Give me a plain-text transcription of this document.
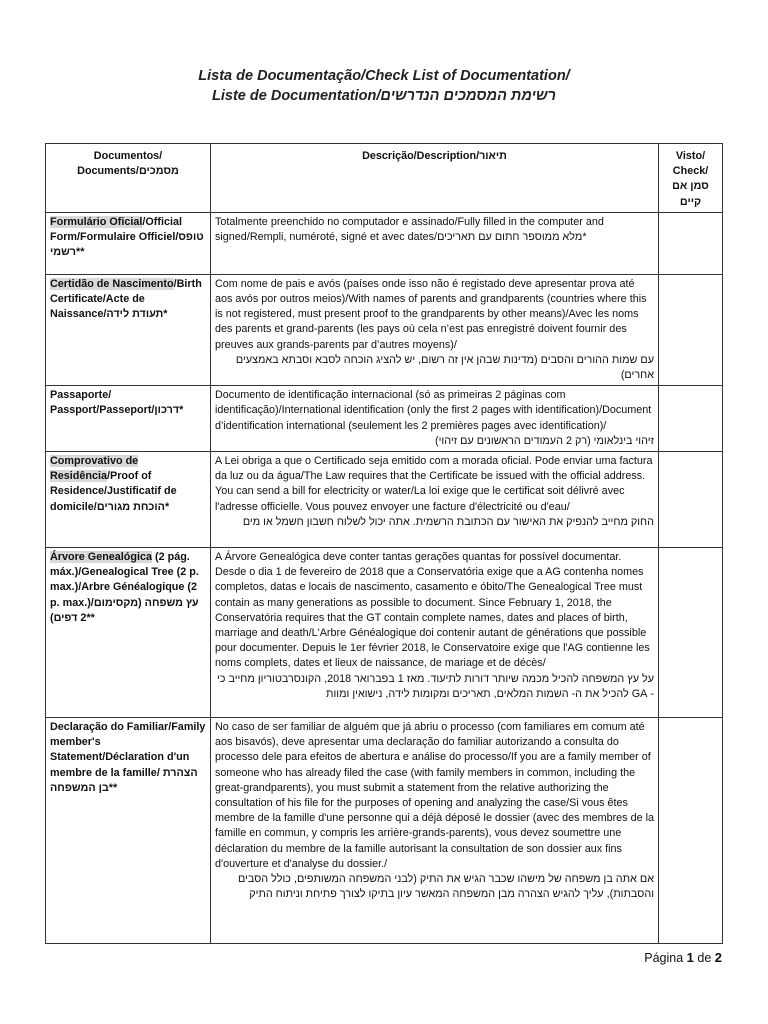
Lista de Documentação/Check List of Documentation/
Liste de Documentation/רשימת המסמכים הנדרשים
Documentos/ Documents/מסמכים	Descrição/Description/תיאור	Visto/ Check/ סמן אם קיים
Formulário Oficial/Official Form/Formulaire Officiel/טופס רשמי**	Totalmente preenchido no computador e assinado/Fully filled in the computer and signed/Rempli, numéroté, signé et avec dates/מלא ממוספר חתום עם תאריכים*

Certidão de Nascimento/Birth Certificate/Acte de Naissance/תעודת לידה*	Com nome de pais e avós (países onde isso não é registado deve apresentar prova até aos avós por outros meios)/With names of parents and grandparents (countries where this is not registered, must present proof to the grandparents by other means)/Avec les noms des parents et grand-parents (les pays où cela n’est pas enregistré doivent fournir des preuves aux grands-parents par d’autres moyens)/
עם שמות ההורים והסבים (מדינות שבהן אין זה רשום, יש להציג הוכחה לסבא וסבתא באמצעים אחרים)	

Passaporte/ Passport/Passeport/דרכון*	Documento de identificação internacional (só as primeiras 2 páginas com identificação)/International identification (only the first 2 pages with identification)/Document d’identification international (seulement les 2 premières pages avec identification)/
זיהוי בינלאומי (רק 2 העמודים הראשונים עם זיהוי)	

Comprovativo de Residência/Proof of Residence/Justificatif de domicile/הוכחת מגורים*	A Lei obriga a que o Certificado seja emitido com a morada oficial. Pode enviar uma factura da luz ou da água/The Law requires that the Certificate be issued with the official address. You can send a bill for electricity or water/La loi exige que le certificat soit délivré avec l'adresse officielle. Vous pouvez envoyer une facture d'électricité ou d'eau/
החוק מחייב להנפיק את האישור עם הכתובת הרשמית. אתה יכול לשלוח חשבון חשמל או מים	

Árvore Genealógica (2 pág. máx.)/Genealogical Tree (2 p. max.)/Arbre Généalogique (2 p. max.)/עץ משפחה (מקסימום 2 דפים)**	A Árvore Genealógica deve conter tantas gerações quantas for possível documentar. Desde o dia 1 de fevereiro de 2018 que a Conservatória exige que a AG contenha nomes completos, datas e locais de nascimento, casamento e óbito/The Genealogical Tree must contain as many generations as possible to document. Since February 1, 2018, the Conservatória requires that the GT contain complete names, dates and places of birth, marriage and death/L'Arbre Généalogique doi contenir autant de générations que possible pour documenter. Depuis le 1er février 2018, le Conservatoire exige que l'AG contienne les noms complets, dates et lieux de naissance, de mariage et de décès/
על עץ המשפחה להכיל מכמה שיותר דורות לתיעוד. מאז 1 בפברואר 2018, הקונסרבטוריון מחייב כי - GA להכיל את ה- השמות המלאים, תאריכים ומקומות לידה, נישואין ומוות	

Declaração do Familiar/Family member's Statement/Déclaration d'un membre de la famille/ הצהרת בן המשפחה**	No caso de ser familiar de alguém que já abriu o processo (com familiares em comum até aos bisavós), deve apresentar uma declaração do familiar autorizando a consulta do processo dele para efeitos de abertura e análise do processo/If you are a family member of someone who has already filed the case (with family members in common, including the great-grandparents), you must submit a statement from the relative authorizing the consultation of his file for the purposes of opening and analyzing the case/Si vous êtes membre de la famille d'une personne qui a déjà déposé le dossier (avec des membres de la famille en commun, y compris les arrière-grands-parents), vous devez soumettre une déclaration du membre de la famille autorisant la consultation de son dossier aux fins d'ouverture et d'analyse du dossier./
אם אתה בן משפחה של מישהו שכבר הגיש את התיק (לבני המשפחה המשותפים, כולל הסבים והסבתות), עליך להגיש הצהרה מבן המשפחה המאשר עיון בתיקו לצורך פתיחת וניתוח התיק	

Página 1 de 2
